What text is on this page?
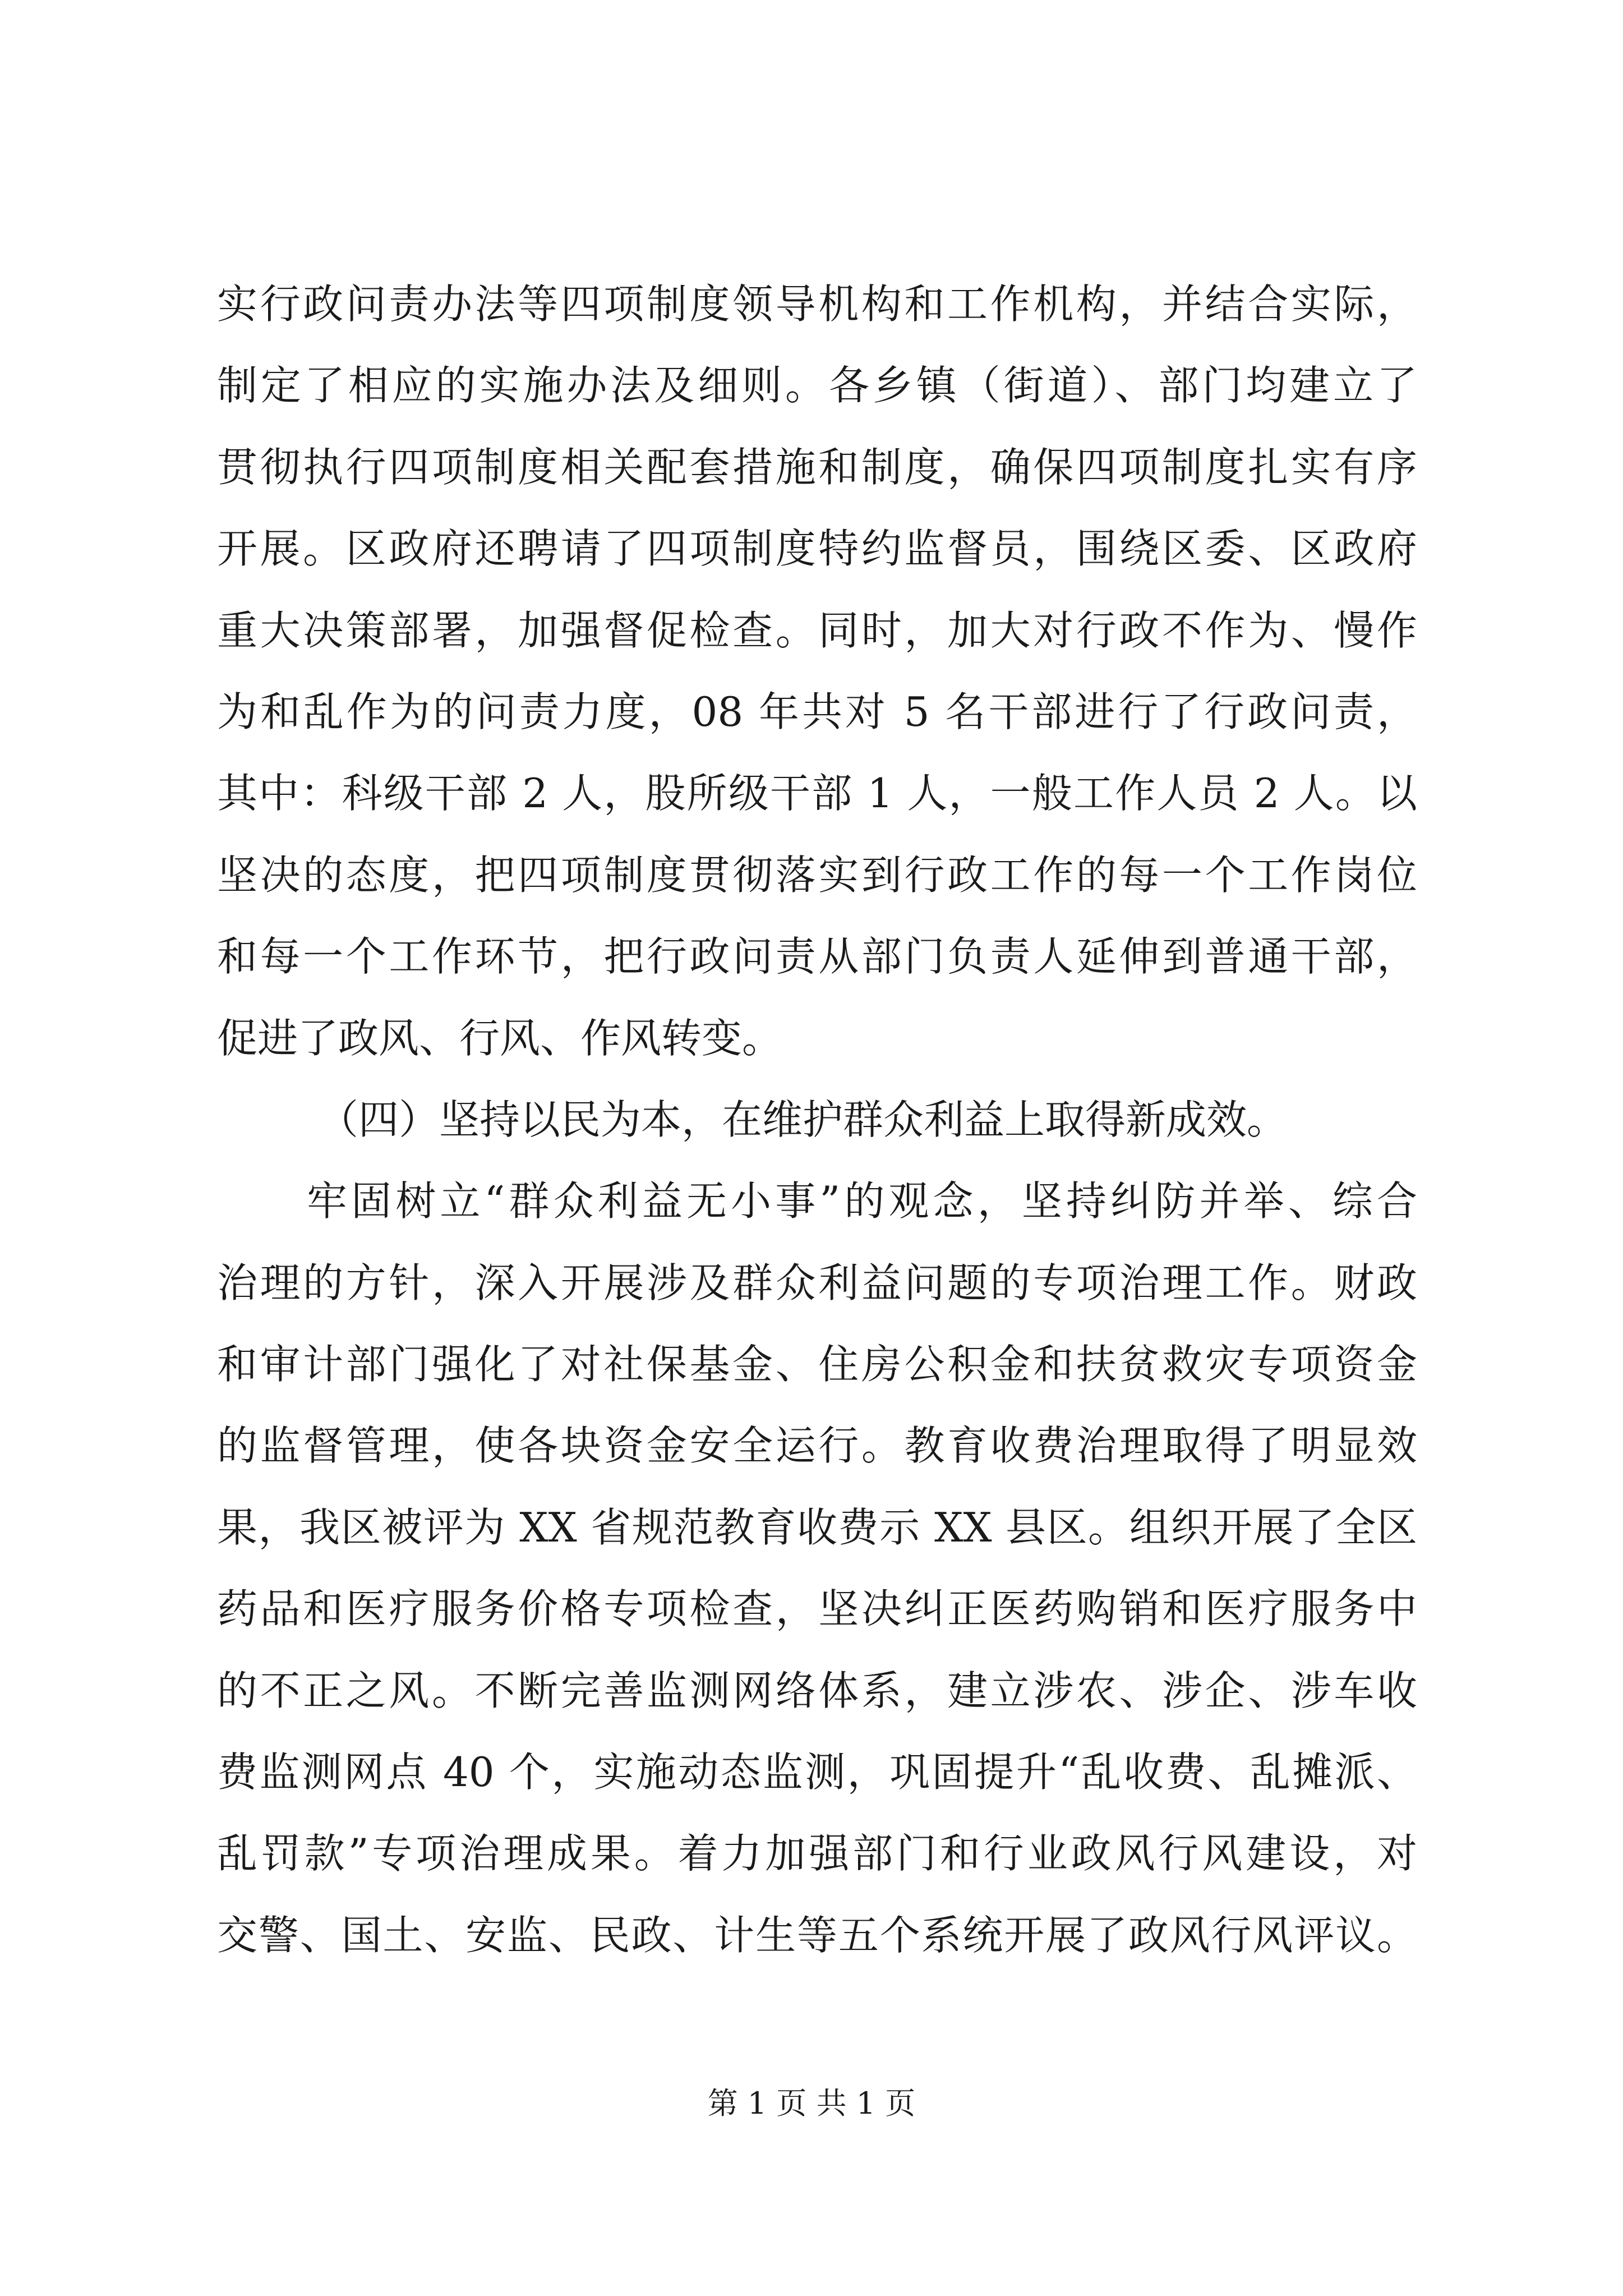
实行政问责办法等四项制度领导机构和工作机构，并结合实际，
制定了相应的实施办法及细则。各乡镇（街道）、部门均建立了
贯彻执行四项制度相关配套措施和制度，确保四项制度扎实有序
开展。区政府还聘请了四项制度特约监督员，围绕区委、区政府
重大决策部署，加强督促检查。同时，加大对行政不作为、慢作
为和乱作为的问责力度，08 年共对 5 名干部进行了行政问责，
其中：科级干部 2 人，股所级干部 1 人，一般工作人员 2 人。以
坚决的态度，把四项制度贯彻落实到行政工作的每一个工作岗位
和每一个工作环节，把行政问责从部门负责人延伸到普通干部，
促进了政风、行风、作风转变。
（四）坚持以民为本，在维护群众利益上取得新成效。
牢固树立“群众利益无小事”的观念，坚持纠防并举、综合
治理的方针，深入开展涉及群众利益问题的专项治理工作。财政
和审计部门强化了对社保基金、住房公积金和扶贫救灾专项资金
的监督管理，使各块资金安全运行。教育收费治理取得了明显效
果，我区被评为 XX 省规范教育收费示 XX 县区。组织开展了全区
药品和医疗服务价格专项检查，坚决纠正医药购销和医疗服务中
的不正之风。不断完善监测网络体系，建立涉农、涉企、涉车收
费监测网点 40 个，实施动态监测，巩固提升“乱收费、乱摊派、
乱罚款”专项治理成果。着力加强部门和行业政风行风建设，对
交警、国土、安监、民政、计生等五个系统开展了政风行风评议。
第 1 页 共 1 页
